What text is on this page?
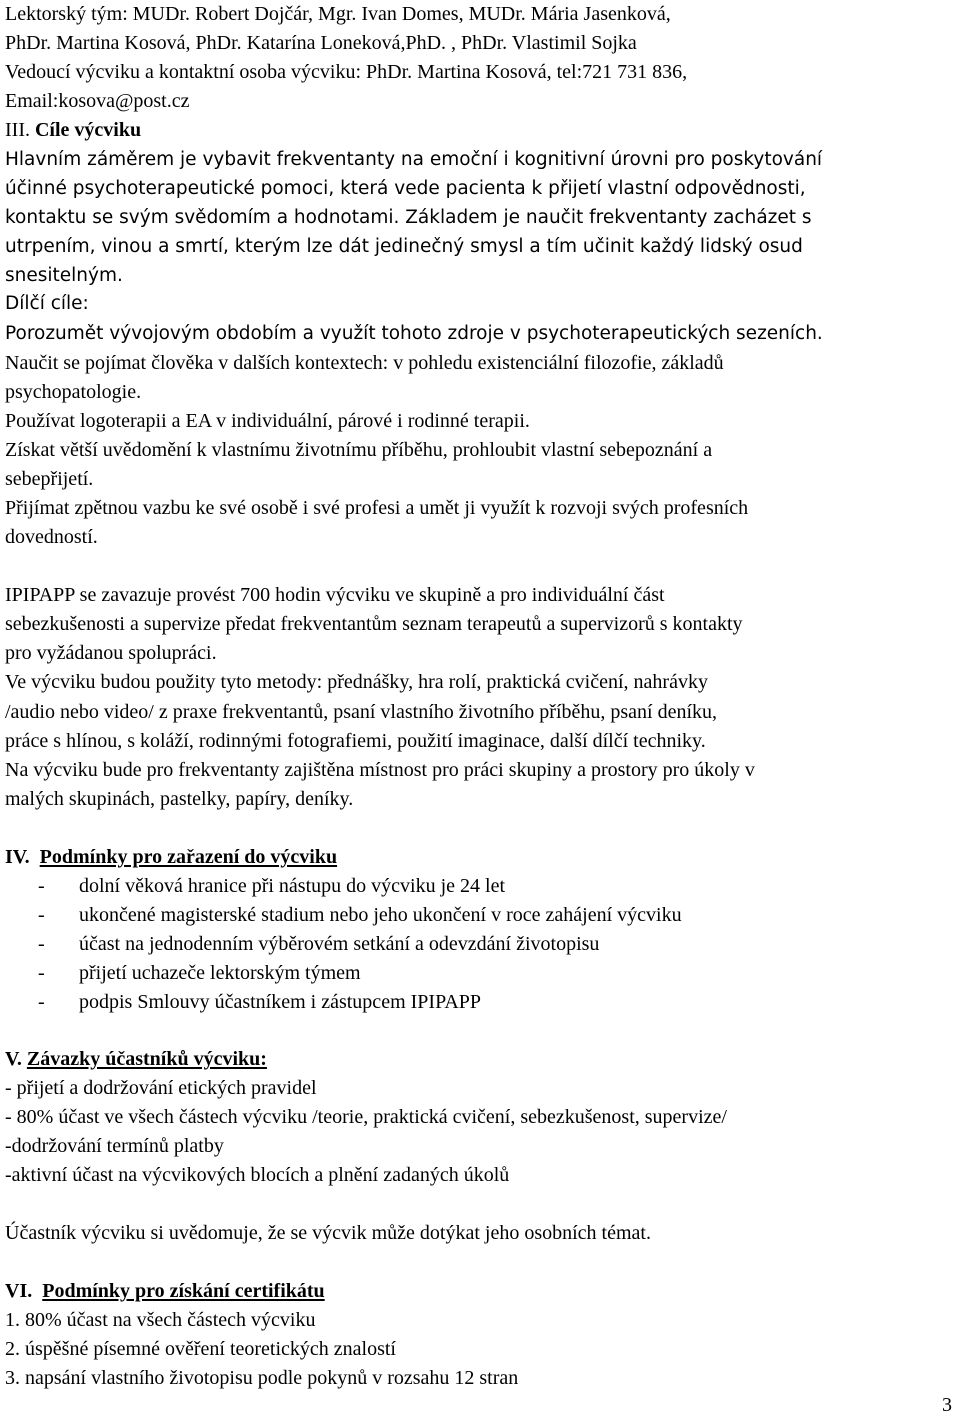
Lektorský tým: MUDr. Robert Dojčár, Mgr. Ivan Domes, MUDr. Mária Jasenková,
PhDr. Martina Kosová, PhDr. Katarína Loneková,PhD. , PhDr. Vlastimil Sojka
Vedoucí výcviku a kontaktní osoba výcviku: PhDr. Martina Kosová, tel:721 731 836,
Email:kosova@post.cz
III. Cíle výcviku
Hlavním záměrem je vybavit frekventanty na emoční i kognitivní úrovni pro poskytování
účinné psychoterapeutické pomoci, která vede pacienta k přijetí vlastní odpovědnosti,
kontaktu se svým svědomím a hodnotami. Základem je naučit frekventanty zacházet s
utrpením, vinou a smrtí, kterým lze dát jedinečný smysl a tím učinit každý lidský osud
snesitelným.
Dílčí cíle:
Porozumět vývojovým obdobím a využít tohoto zdroje v psychoterapeutických sezeních.
Naučit se pojímat člověka v dalších kontextech: v pohledu existenciální filozofie, základů
psychopatologie.
Používat logoterapii a EA v individuální, párové i rodinné terapii.
Získat větší uvědomění k vlastnímu životnímu příběhu, prohloubit vlastní sebepoznání a
sebepřijetí.
Přijímat zpětnou vazbu ke své osobě i své profesi a umět ji využít k rozvoji svých profesních
dovedností.
IPIPAPP se zavazuje provést 700 hodin výcviku ve skupině a pro individuální část
sebezkušenosti a supervize předat frekventantům seznam terapeutů a supervizorů s kontakty
pro vyžádanou spolupráci.
Ve výcviku budou použity tyto metody: přednášky, hra rolí, praktická cvičení, nahrávky
/audio nebo video/ z praxe frekventantů, psaní vlastního životního příběhu, psaní deníku,
práce s hlínou, s koláží, rodinnými fotografiemi, použití imaginace, další dílčí techniky.
Na výcviku bude pro frekventanty zajištěna místnost pro práci skupiny a prostory pro úkoly v
malých skupinách, pastelky, papíry, deníky.
IV. Podmínky pro zařazení do výcviku
- dolní věková hranice při nástupu do výcviku je 24 let
- ukončené magisterské stadium nebo jeho ukončení v roce zahájení výcviku
- účast na jednodenním výběrovém setkání a odevzdání životopisu
- přijetí uchazeče lektorským týmem
- podpis Smlouvy účastníkem i zástupcem IPIPAPP
V. Závazky účastníků výcviku:
- přijetí a dodržování etických pravidel
- 80% účast ve všech částech výcviku /teorie, praktická cvičení, sebezkušenost, supervize/
-dodržování termínů platby
-aktivní účast na výcvikových blocích a plnění zadaných úkolů
Účastník výcviku si uvědomuje, že se výcvik může dotýkat jeho osobních témat.
VI. Podmínky pro získání certifikátu
1. 80% účast na všech částech výcviku
2. úspěšné písemné ověření teoretických znalostí
3. napsání vlastního životopisu podle pokynů v rozsahu 12 stran
3
